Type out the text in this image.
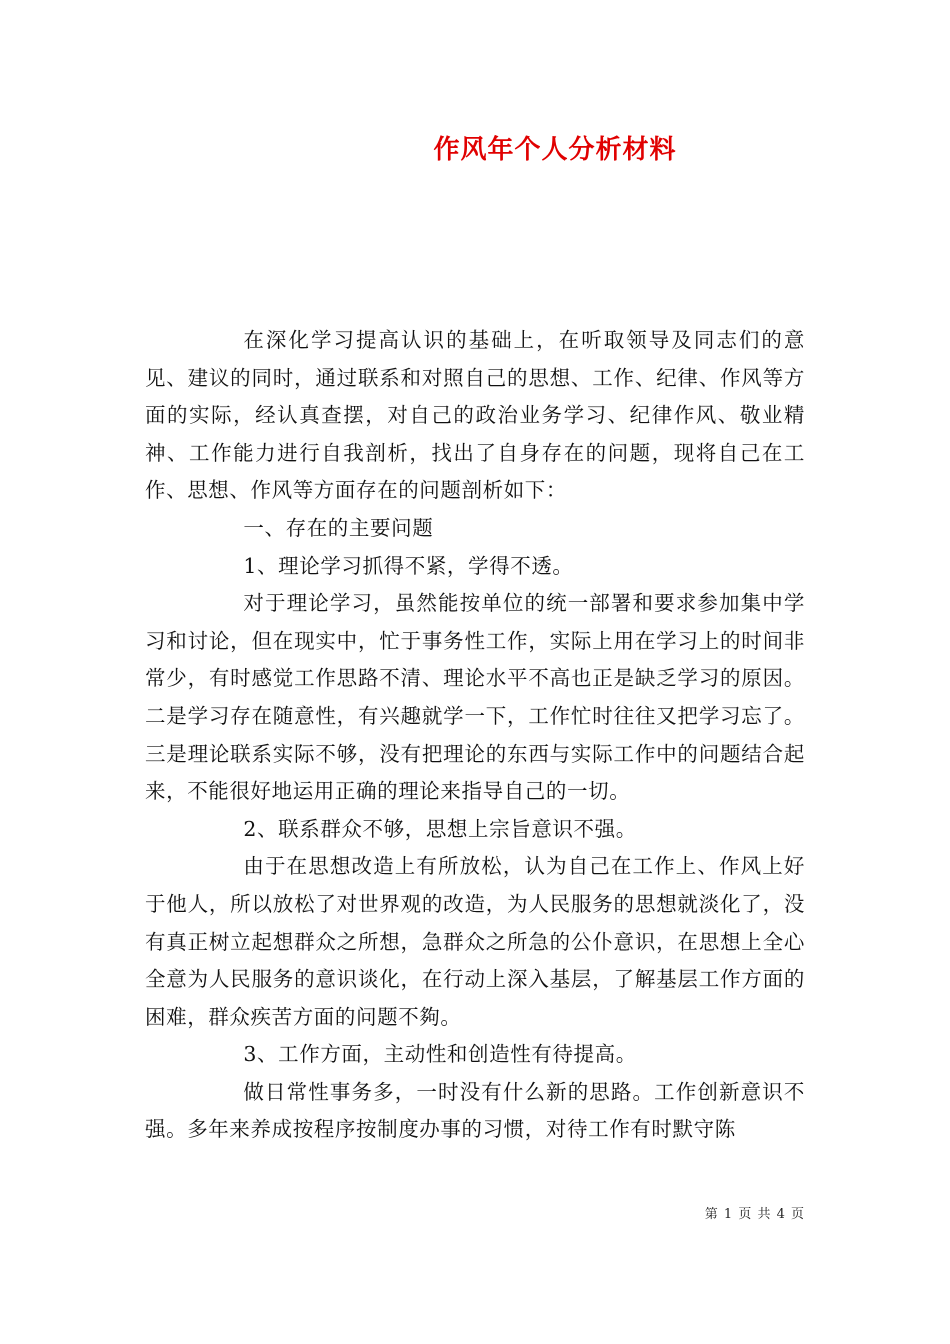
作风年个人分析材料

在深化学习提高认识的基础上，在听取领导及同志们的意见、建议的同时，通过联系和对照自己的思想、工作、纪律、作风等方面的实际，经认真查摆，对自己的政治业务学习、纪律作风、敬业精神、工作能力进行自我剖析，找出了自身存在的问题，现将自己在工作、思想、作风等方面存在的问题剖析如下：

一、存在的主要问题

1、理论学习抓得不紧，学得不透。

对于理论学习，虽然能按单位的统一部署和要求参加集中学习和讨论，但在现实中，忙于事务性工作，实际上用在学习上的时间非常少，有时感觉工作思路不清、理论水平不高也正是缺乏学习的原因。二是学习存在随意性，有兴趣就学一下，工作忙时往往又把学习忘了。三是理论联系实际不够，没有把理论的东西与实际工作中的问题结合起来，不能很好地运用正确的理论来指导自己的一切。

2、联系群众不够，思想上宗旨意识不强。

由于在思想改造上有所放松，认为自己在工作上、作风上好于他人，所以放松了对世界观的改造，为人民服务的思想就淡化了，没有真正树立起想群众之所想，急群众之所急的公仆意识，在思想上全心全意为人民服务的意识谈化，在行动上深入基层，了解基层工作方面的困难，群众疾苦方面的问题不夠。

3、工作方面，主动性和创造性有待提高。

做日常性事务多，一时没有什么新的思路。工作创新意识不强。多年来养成按程序按制度办事的习惯，对待工作有时默守陈

第 1 页 共 4 页
